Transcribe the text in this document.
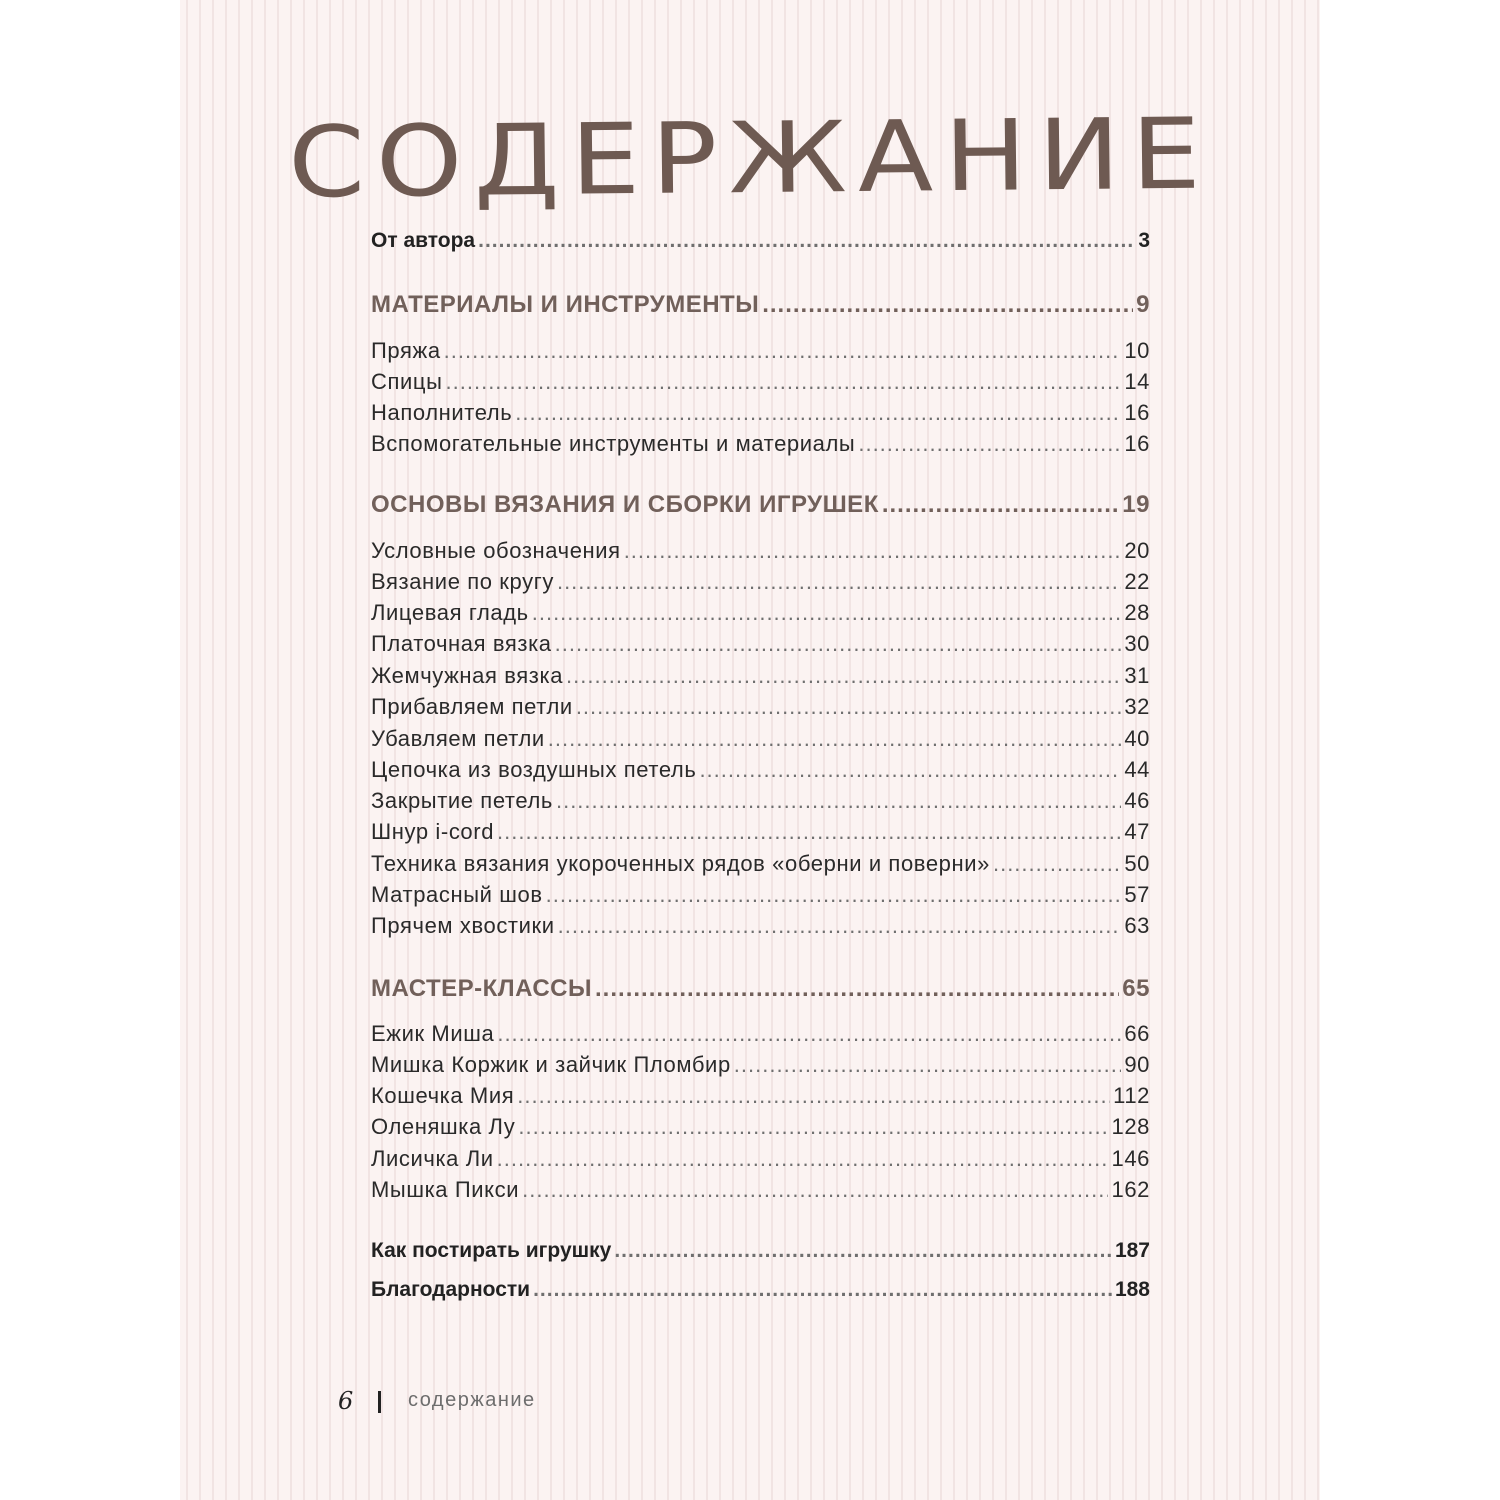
СОДЕРЖАНИЕ
От автора .....	3
МАТЕРИАЛЫ И ИНСТРУМЕНТЫ .....	9
Пряжа .....	10
Спицы .....	14
Наполнитель .....	16
Вспомогательные инструменты и материалы .....	16
ОСНОВЫ ВЯЗАНИЯ И СБОРКИ ИГРУШЕК .....	19
Условные обозначения .....	20
Вязание по кругу .....	22
Лицевая гладь .....	28
Платочная вязка .....	30
Жемчужная вязка .....	31
Прибавляем петли .....	32
Убавляем петли .....	40
Цепочка из воздушных петель .....	44
Закрытие петель .....	46
Шнур i-cord .....	47
Техника вязания укороченных рядов «оберни и поверни» .....	50
Матрасный шов .....	57
Прячем хвостики .....	63
МАСТЕР-КЛАССЫ .....	65
Ежик Миша .....	66
Мишка Коржик и зайчик Пломбир .....	90
Кошечка Мия .....	112
Оленяшка Лу .....	128
Лисичка Ли .....	146
Мышка Пикси .....	162
Как постирать игрушку .....	187
Благодарности .....	188
6	содержание
